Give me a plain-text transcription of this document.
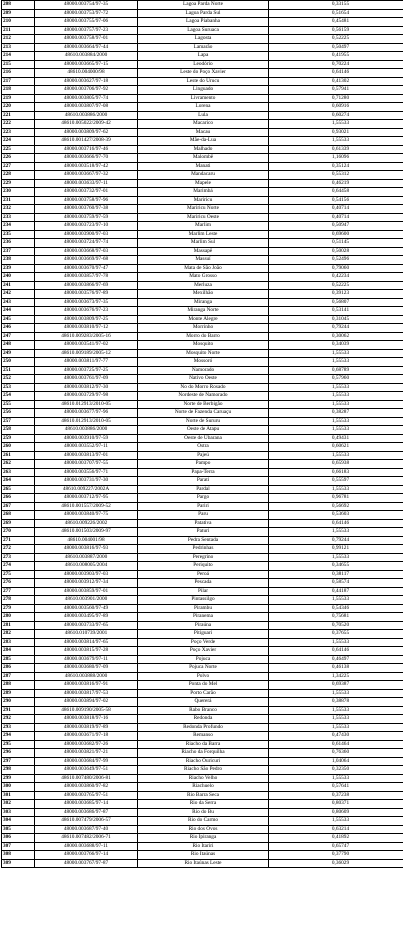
208	48000.003754/97-35	Lagoa Parda Norte	0,33155
209	48000.003753/97-72	Lagoa Parda Sul	0,51654
210	48000.003755/97-06	Lagoa Piabanha	0,45481
211	48000.003757/97-23	Lagoa Suruaca	0,56159
212	48000.003758/97-01	Lagosta	0,52225
213	48000.003664/97-44	Lamarão	0,50497
214	48610.003884/2000	Lapa	0,41955
215	48000.003665/97-15	Leodório	0,70224
216	48610.004000/98	Leste do Poço Xavier	0,64146
217	48000.003627/97-18	Leste do Urucu	0,41302
218	48000.003706/97-92	Linguado	0,57941
219	48000.003805/97-74	Livramento	0,71280
220	48000.003807/97-08	Lorena	0,60916
221	48610.003886/2000	Lula	0,60274
222	48610.005022/2009-42	Macarico	1,55533
223	48000.003809/97-62	Macau	0,93021
224	48610.001427/2008-39	Mãe-da-Lua	1,55533
225	48000.003716/97-46	Malhado	0,61339
226	48000.003666/97-70	Malombê	1,16096
227	48000.003518/97-42	Manati	0,35124
228	48000.003667/97-32	Mandacaru	0,55312
229	48000.003633/97-11	Mapele	0,46219
230	48000.003732/97-01	Marimbá	0,64458
231	48000.003758/97-96	Mariricu	0,54156
232	48000.003760/97-38	Mariricu Norte	0,40714
233	48000.003759/97-59	Mariricu Oeste	0,40714
234	48000.003723/97-10	Marlim	0,50947
235	48000.003900/97-03	Marlim Leste	0,69600
236	48000.003724/97-74	Marlim Sul	0,51145
237	48000.003668/97-03	Massapê	0,50028
238	48000.003669/97-68	Massuí	0,52496
239	48000.003670/97-47	Mata de São João	0,79060
240	48000.003857/97-78	Mato Grosso	0,42234
241	48000.003866/97-69	Merluza	0,52225
242	48000.003576/97-89	Mexilhão	0,39123
243	48000.003673/97-35	Miranga	0,56807
244	48000.003676/97-23	Miranga Norte	0,53141
245	48000.003809/97-25	Monte Alegre	0,31045
246	48000.003810/97-12	Morrinho	0,79244
247	48610.009283/2005-16	Morro do Barro	0,30062
248	48000.003541/97-02	Mosquito	0,34039
249	48610.009189/2005-12	Mosquito Norte	1,55533
250	48000.003811/97-77	Mossoró	1,55533
251	48000.003725/97-25	Namorado	0,68789
252	48000.003761/97-09	Nativo Oeste	0,57960
253	48000.003812/97-30	No do Morro Rosado	1,55533
254	48000.003729/97-98	Nordeste de Namorado	1,55533
255	48610.012913/2010-05	Norte de Berbigão	1,55533
256	48000.003677/97-96	Norte de Fazenda Caruaçu	0,38287
257	48610.012913/2010-05	Norte de Sururu	1,55533
258	48610.003886/2000	Oeste de Atapu	1,55533
259	48000.003910/97-59	Oeste de Ubarana	0,49431
260	48000.003552/97-11	Ostra	0,60621
261	48000.003813/97-01	Pajeú	1,55533
262	48000.003707/97-55	Pampo	0,65938
263	48000.003556/97-71	Papa-Terra	0,66183
264	48000.003731/97-30	Parati	0,55597
265	48610.009227/2002A	Pardal	1,55533
266	48000.003712/97-95	Pargo	0,96781
267	48610.001557/2009-52	Pariri	0,56692
268	48000.003840/97-75	Paru	0,53603
269	48610.009226/2002	Patativa	0,64146
270	48610.001503/2009-97	Paturi	1,55533
271	48610.004001/98	Pedra Sentada	0,79244
272	48000.003816/97-93	Pedrinhas	0,99121
273	48610.003887/2000	Peregrino	1,55533
274	48610.008005/2004	Periquito	0,34655
275	48000.003903/97-03	Peroá	0,38117
276	48000.003912/97-34	Pescada	0,58574
277	48000.003859/97-01	Pilar	0,44187
278	48610.003901/2000	Pintassilgo	1,55533
279	48000.003560/97-49	Pirambu	0,54346
280	48000.003495/97-89	Piranema	0,75681
281	48000.003733/97-65	Piraúna	0,70520
282	48610.010739/2001	Pitiguari	0,37655
283	48000.003814/97-65	Poço Verde	1,55533
284	48000.003815/97-28	Poço Xavier	0,64146
285	48000.003679/97-11	Pojuca	0,46497
286	48000.003680/97-09	Pojuca Norte	0,46138
287	48610.003888/2000	Polvo	1,34225
288	48000.003816/97-91	Ponta do Mel	0,69387
289	48000.003817/97-53	Porto Carão	1,55533
290	48000.003894/97-02	Quererá	0,38878
291	48610.009190/2005-58	Rabo Branco	1,55533
292	48000.003818/97-16	Redonda	1,55533
293	48000.003819/97-89	Redonda Profundo	1,55533
294	48000.003671/97-18	Remanso	0,47430
295	48000.003682/97-26	Riacho da Barra	0,61464
296	48000.003821/97-21	Riacho da Forquilha	0,76360
297	48000.003684/97-99	Riacho Ouricuri	1,04064
298	48000.003649/97-51	Riacho São Pedro	0,32350
299	48610.007480/2006-81	Riacho Velho	1,55533
300	48000.003860/97-82	Riachuelo	0,57641
301	48000.003765/97-51	Rio Barra Seca	0,37238
302	48000.003685/97-14	Rio da Serra	0,80371
303	48000.003686/97-87	Rio do Bu	0,80609
304	48610.007479/2006-57	Rio do Carmo	1,55533
305	48000.003687/97-40	Rio dos Ovos	0,63214
306	48610.007482/2006-71	Rio Ipiranga	0,41892
307	48000.003688/97-11	Rio Itariri	0,65747
308	48000.003766/97-14	Rio Itaúnas	0,37790
309	48000.003767/97-87	Rio Itaúnas Leste	0,36029
